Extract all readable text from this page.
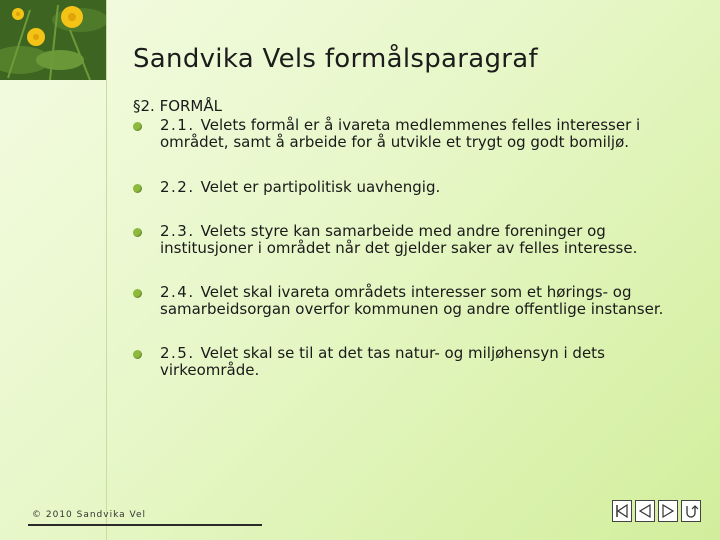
Sandvika Vels formålsparagraf
§2. FORMÅL
2.1. Velets formål er å ivareta medlemmenes felles interesser i området, samt å arbeide for å utvikle et trygt og godt bomiljø.
2.2. Velet er partipolitisk uavhengig.
2.3. Velets styre kan samarbeide med andre foreninger og institusjoner i området når det gjelder saker av felles interesse.
2.4. Velet skal ivareta områdets interesser som et hørings- og samarbeidsorgan overfor kommunen og andre offentlige instanser.
2.5. Velet skal se til at det tas natur- og miljøhensyn i dets virkeområde.
© 2010 Sandvika Vel
